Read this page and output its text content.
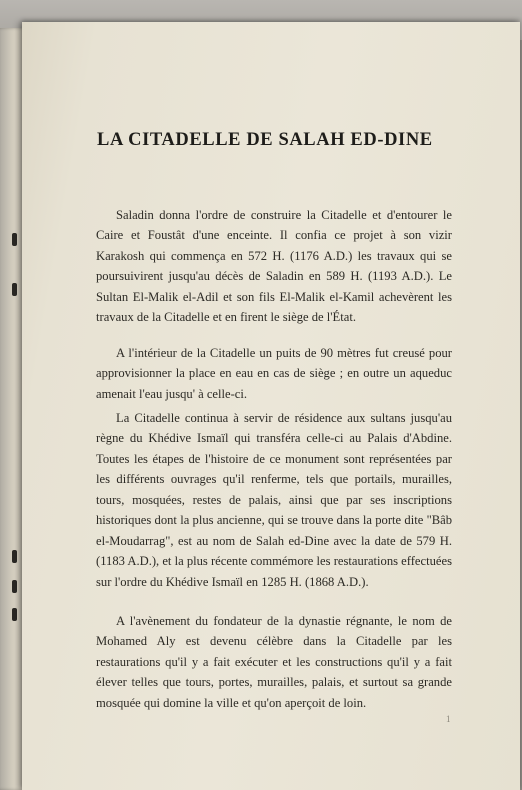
LA CITADELLE DE SALAH ED-DINE

Saladin donna l'ordre de construire la Citadelle et d'entourer le Caire et Foustât d'une enceinte. Il confia ce projet à son vizir Karakosh qui commença en 572 H. (1176 A.D.) les travaux qui se poursuivirent jusqu'au décès de Saladin en 589 H. (1193 A.D.). Le Sultan El-Malik el-Adil et son fils El-Malik el-Kamil achevèrent les travaux de la Citadelle et en firent le siège de l'État.

A l'intérieur de la Citadelle un puits de 90 mètres fut creusé pour approvisionner la place en eau en cas de siège ; en outre un aqueduc amenait l'eau jusqu' à celle-ci.

La Citadelle continua à servir de résidence aux sultans jusqu'au règne du Khédive Ismaïl qui transféra celle-ci au Palais d'Abdine. Toutes les étapes de l'histoire de ce monument sont représentées par les différents ouvrages qu'il renferme, tels que portails, murailles, tours, mosquées, restes de palais, ainsi que par ses inscriptions historiques dont la plus ancienne, qui se trouve dans la porte dite "Bâb el-Moudarrag", est au nom de Salah ed-Dine avec la date de 579 H. (1183 A.D.), et la plus récente commémore les restaurations effectuées sur l'ordre du Khédive Ismaïl en 1285 H. (1868 A.D.).

A l'avènement du fondateur de la dynastie régnante, le nom de Mohamed Aly est devenu célèbre dans la Citadelle par les restaurations qu'il y a fait exécuter et les constructions qu'il y a fait élever telles que tours, portes, murailles, palais, et surtout sa grande mosquée qui domine la ville et qu'on aperçoit de loin.

1
